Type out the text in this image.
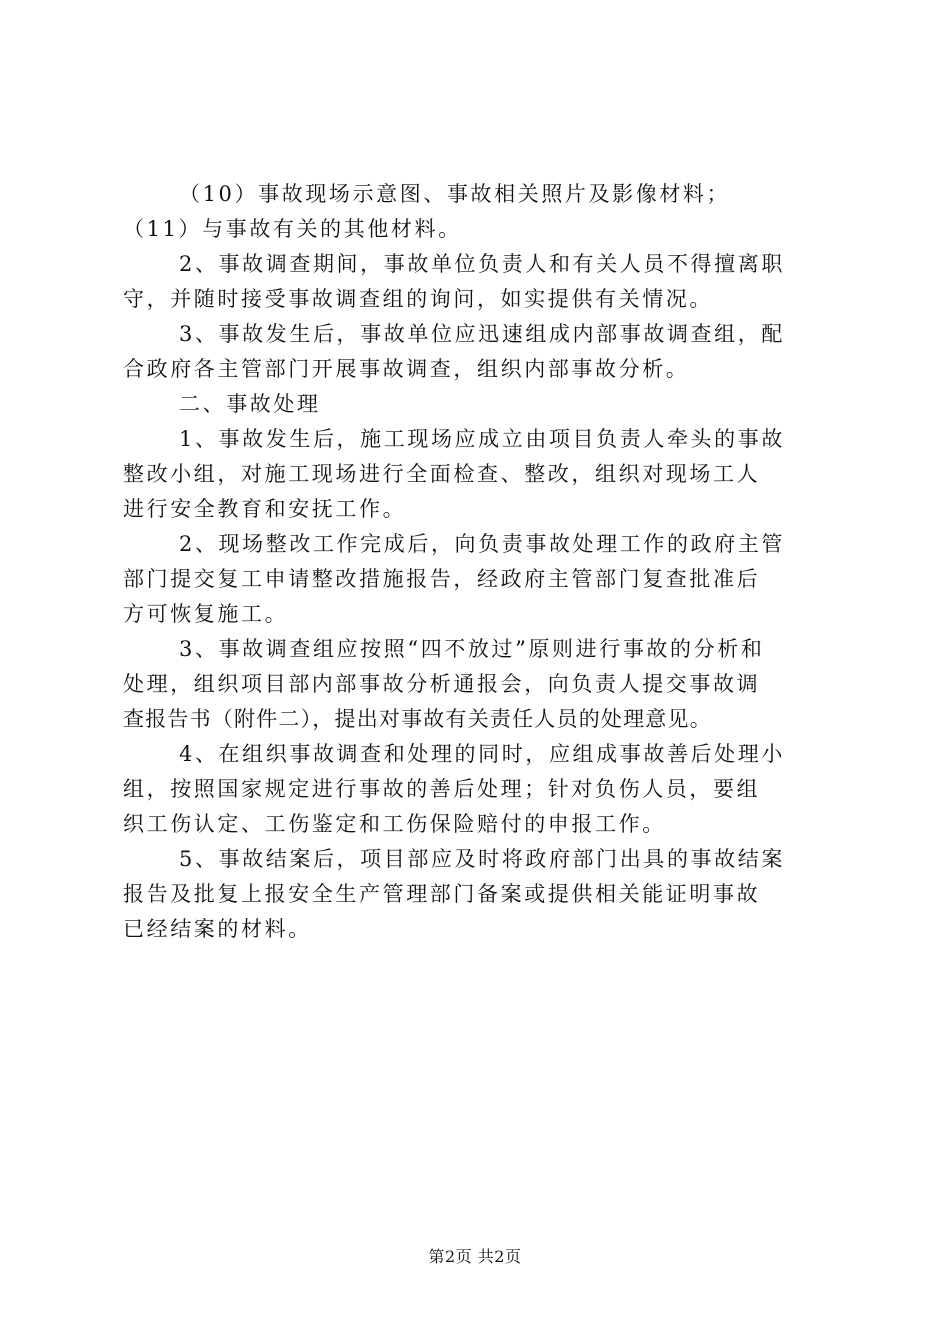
（10）事故现场示意图、事故相关照片及影像材料；
（11）与事故有关的其他材料。
2、事故调查期间，事故单位负责人和有关人员不得擅离职
守，并随时接受事故调查组的询问，如实提供有关情况。
3、事故发生后，事故单位应迅速组成内部事故调查组，配
合政府各主管部门开展事故调查，组织内部事故分析。
二、事故处理
1、事故发生后，施工现场应成立由项目负责人牵头的事故
整改小组，对施工现场进行全面检查、整改，组织对现场工人
进行安全教育和安抚工作。
2、现场整改工作完成后，向负责事故处理工作的政府主管
部门提交复工申请整改措施报告，经政府主管部门复查批准后
方可恢复施工。
3、事故调查组应按照“四不放过”原则进行事故的分析和
处理，组织项目部内部事故分析通报会，向负责人提交事故调
查报告书（附件二），提出对事故有关责任人员的处理意见。
4、在组织事故调查和处理的同时，应组成事故善后处理小
组，按照国家规定进行事故的善后处理；针对负伤人员，要组
织工伤认定、工伤鉴定和工伤保险赔付的申报工作。
5、事故结案后，项目部应及时将政府部门出具的事故结案
报告及批复上报安全生产管理部门备案或提供相关能证明事故
已经结案的材料。
第2页 共2页
